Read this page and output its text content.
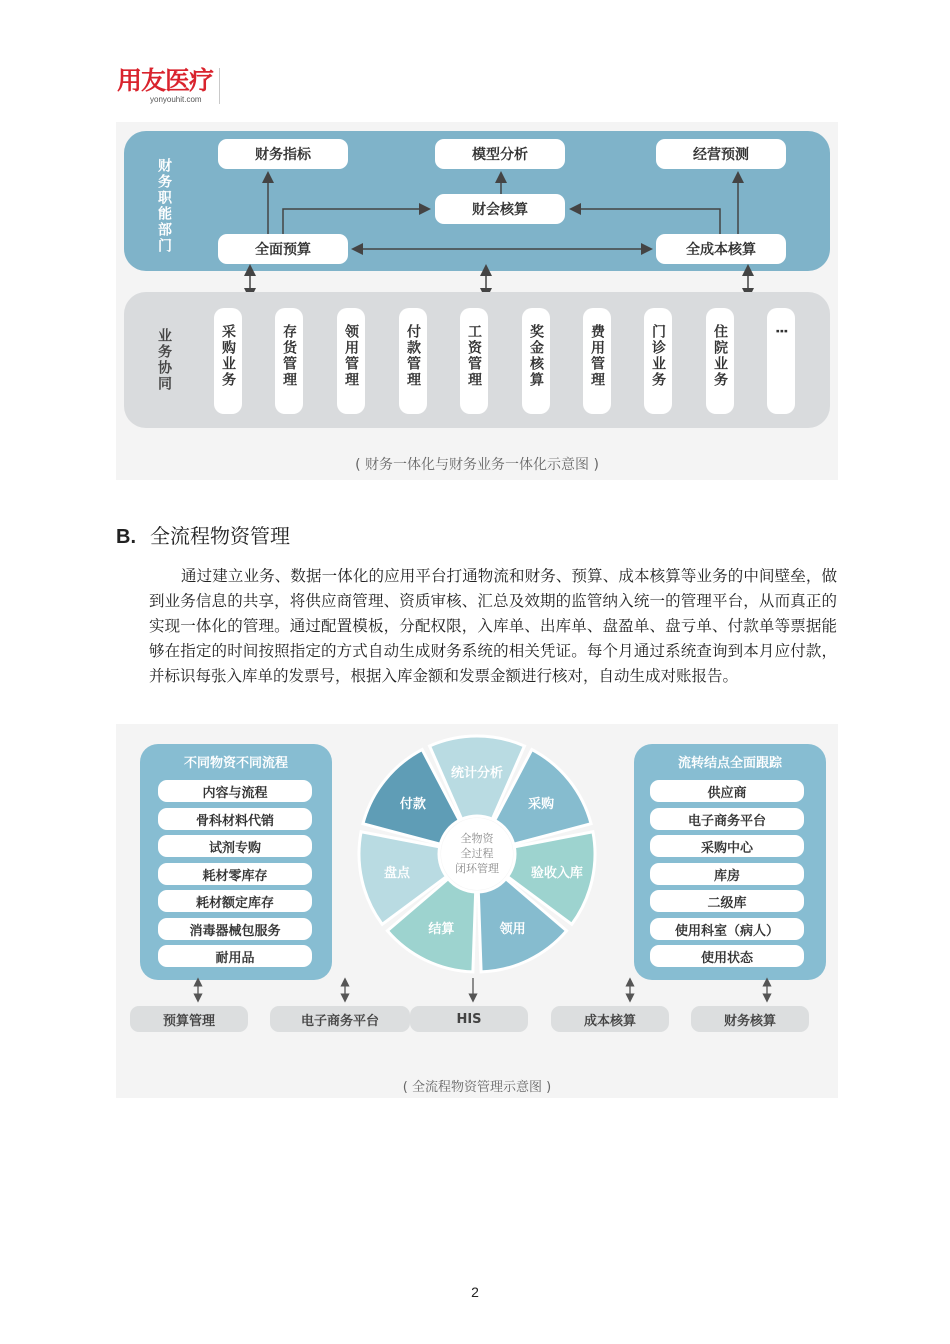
用友医疗
yonyouhit.com
财务职能部门
财务指标	模型分析	经营预测
财会核算
全面预算	全成本核算
业务协同	采购业务	存货管理	领用管理	付款管理	工资管理	奖金核算	费用管理	门诊业务	住院业务	⋮
( 财务一体化与财务业务一体化示意图 )
B. 全流程物资管理
通过建立业务、数据一体化的应用平台打通物流和财务、预算、成本核算等业务的中间壁垒，做到业务信息的共享，将供应商管理、资质审核、汇总及效期的监管纳入统一的管理平台，从而真正的实现一体化的管理。通过配置模板，分配权限，入库单、出库单、盘盈单、盘亏单、付款单等票据能够在指定的时间按照指定的方式自动生成财务系统的相关凭证。每个月通过系统查询到本月应付款，并标识每张入库单的发票号，根据入库金额和发票金额进行核对，自动生成对账报告。
不同物资不同流程
内容与流程
骨科材料代销
试剂专购
耗材零库存
耗材额定库存
消毒器械包服务
耐用品
流转结点全面跟踪
供应商
电子商务平台
采购中心
库房
二级库
使用科室（病人）
使用状态
统计分析
采购
验收入库
领用
结算
盘点
付款
全物资
全过程
闭环管理
预算管理	电子商务平台	HIS	成本核算	财务核算
( 全流程物资管理示意图 )
2
